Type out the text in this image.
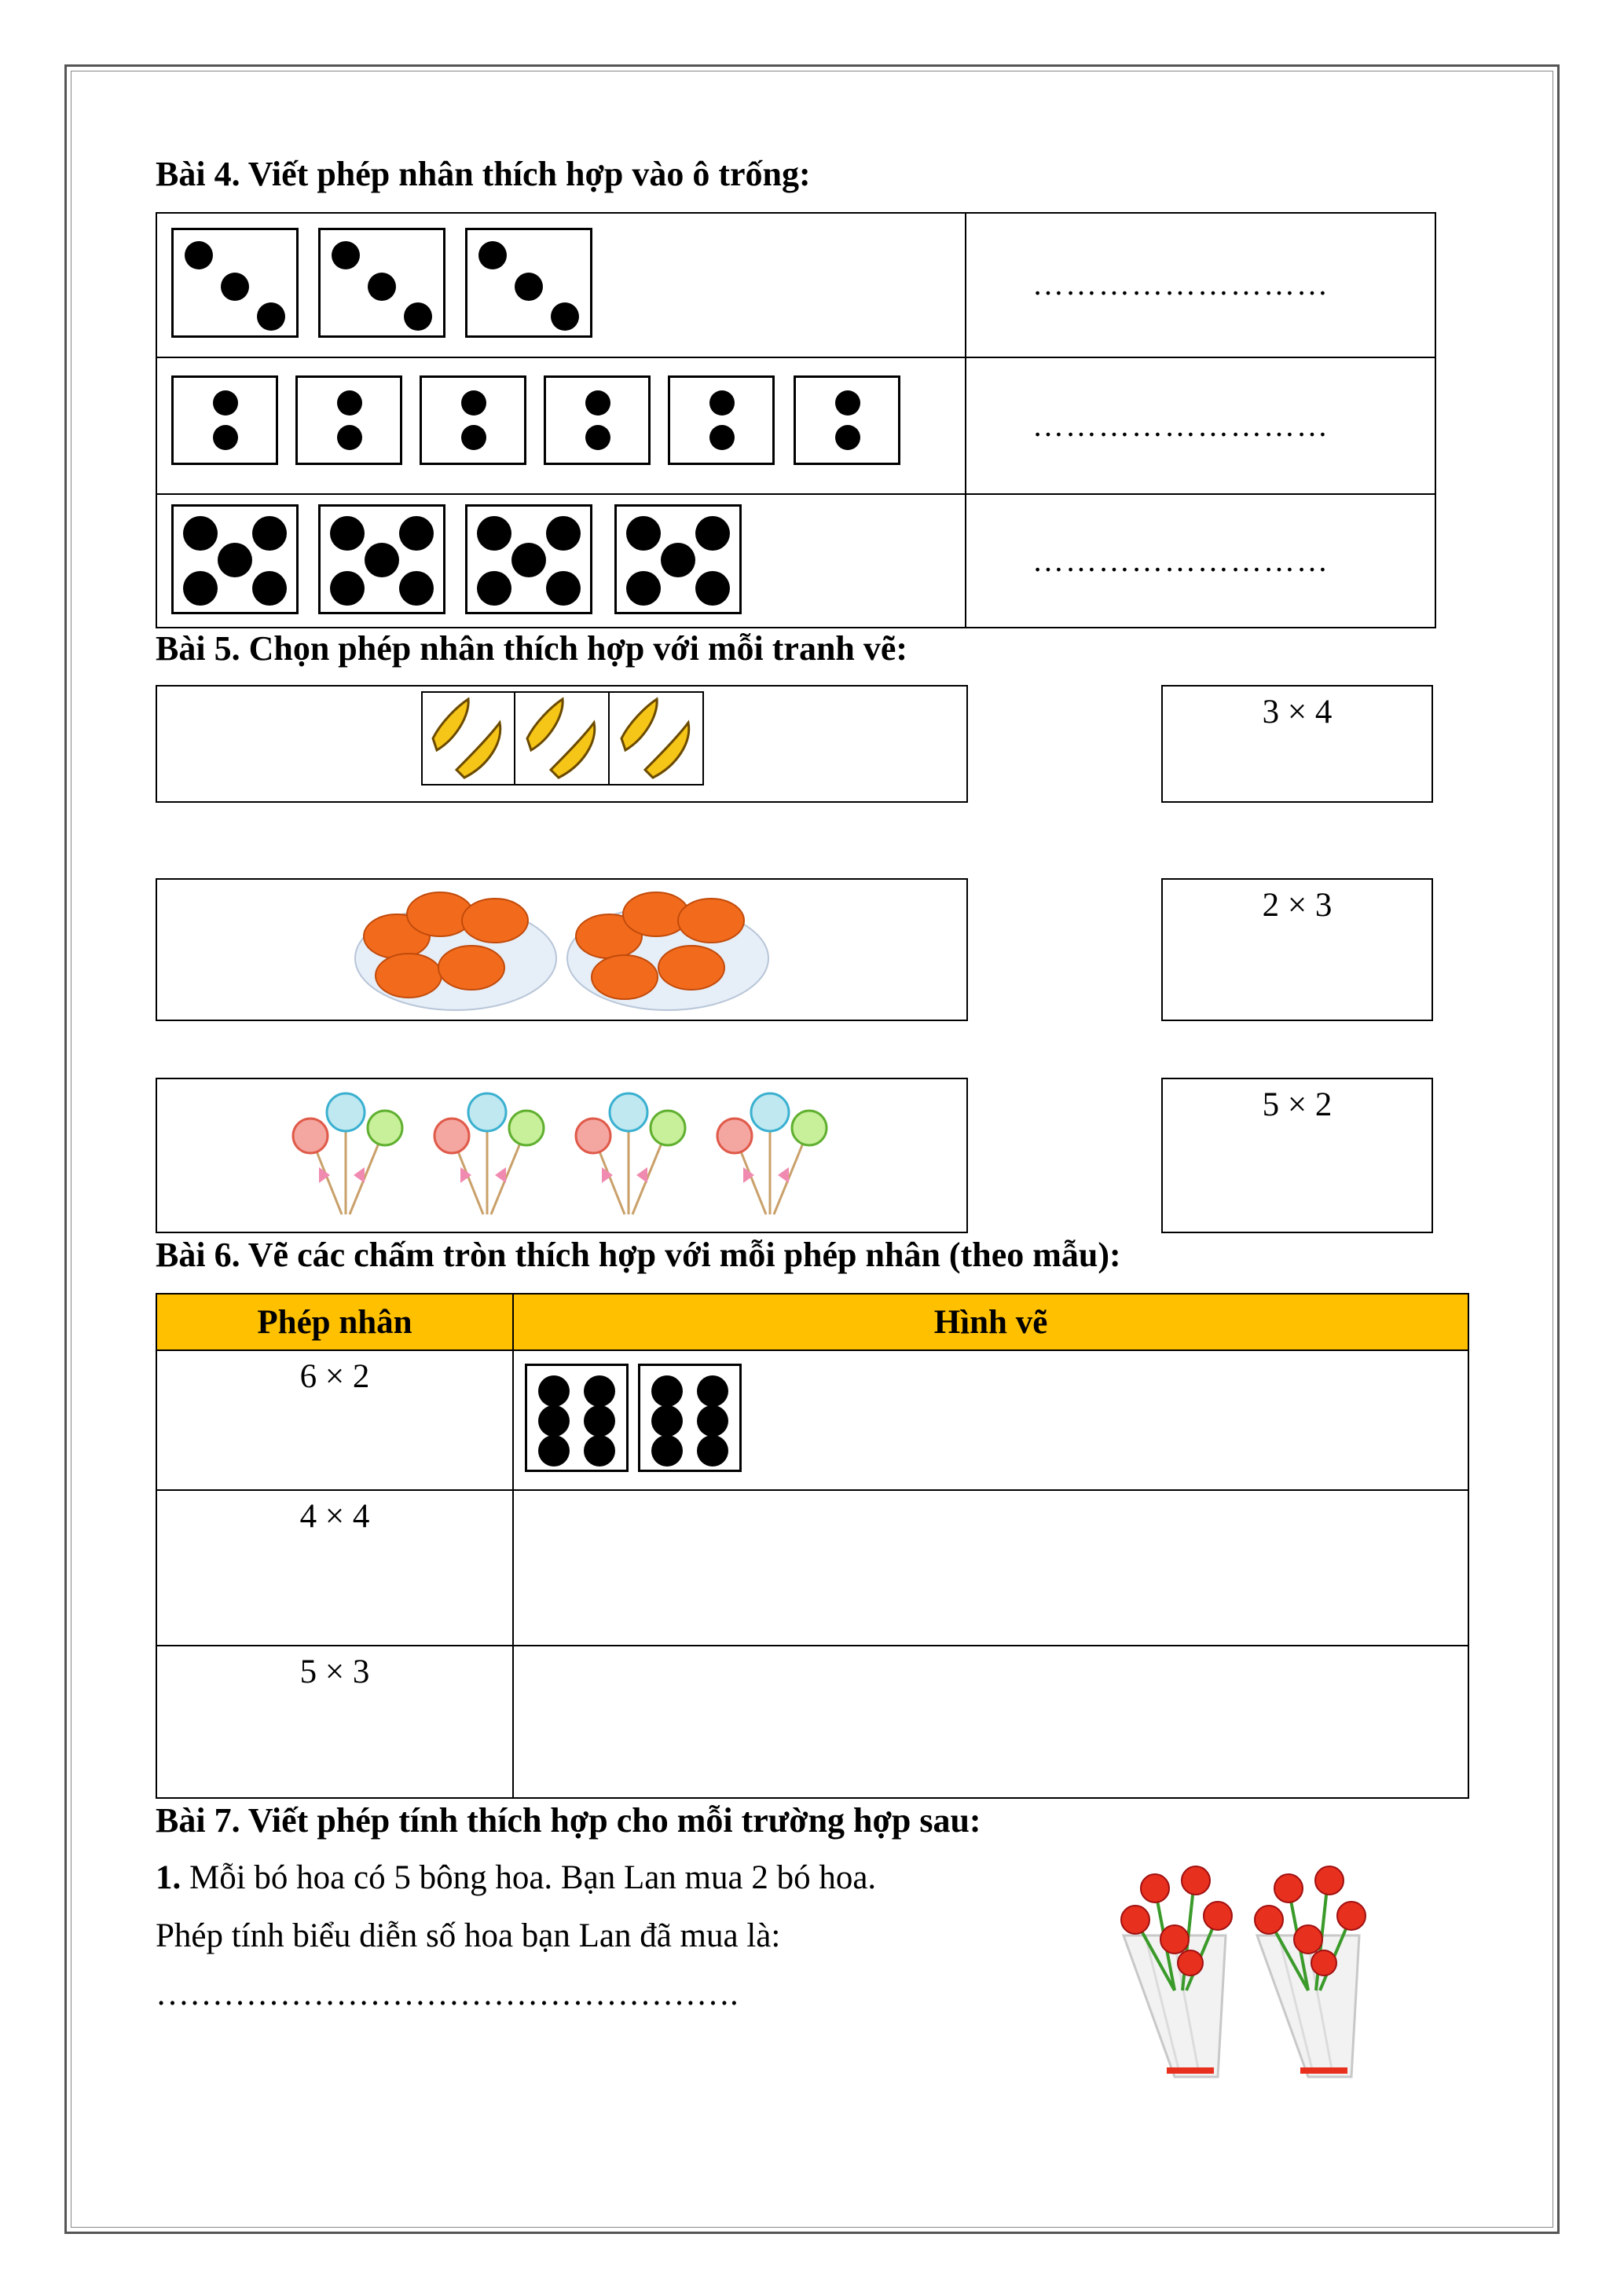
Bài 4. Viết phép nhân thích hợp vào ô trống:
………………………
………………………
………………………
Bài 5. Chọn phép nhân thích hợp với mỗi tranh vẽ:
3 × 4
2 × 3
5 × 2
Bài 6. Vẽ các chấm tròn thích hợp với mỗi phép nhân (theo mẫu):
Phép nhân	Hình vẽ

6 × 2	

4 × 4	

5 × 3	

Bài 7. Viết phép tính thích hợp cho mỗi trường hợp sau:
1. Mỗi bó hoa có 5 bông hoa. Bạn Lan mua 2 bó hoa.
Phép tính biểu diễn số hoa bạn Lan đã mua là:
…………………………………………….
